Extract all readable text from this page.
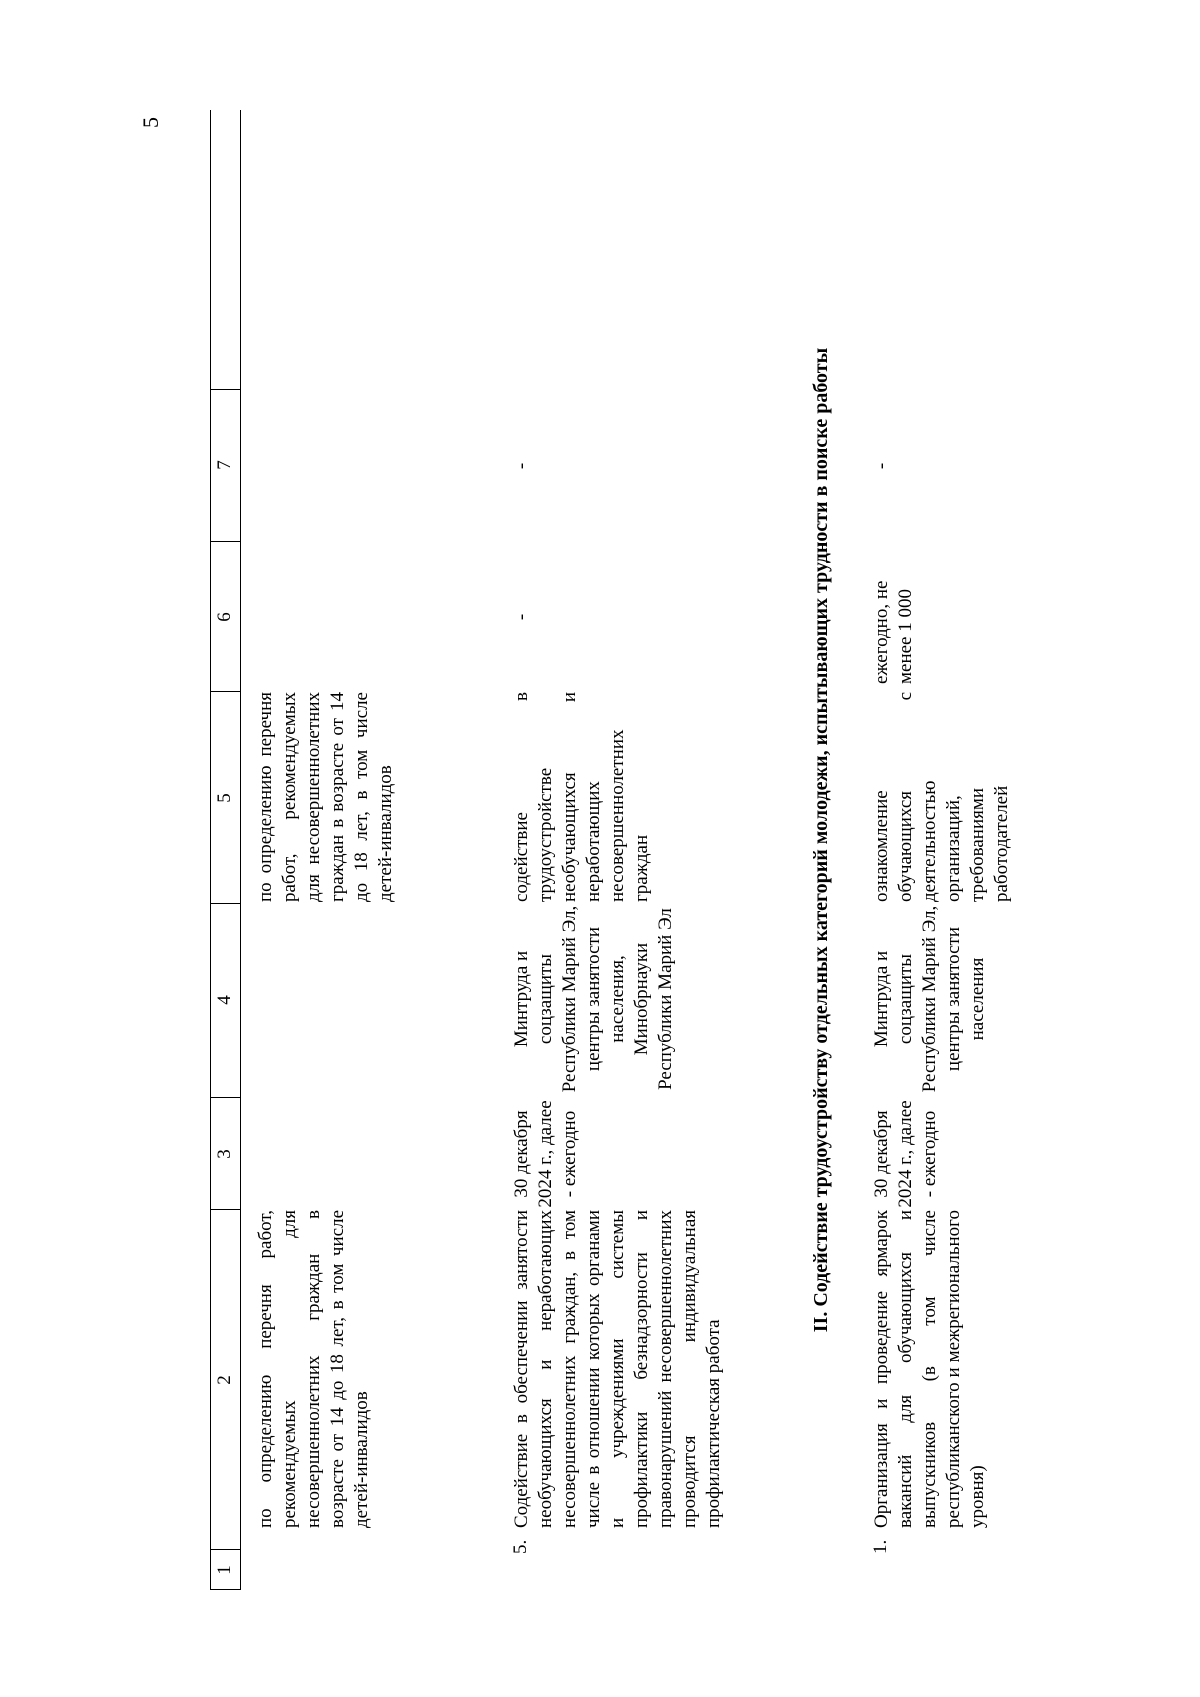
5
1
2
3
4
5
6
7
по определению перечня работ, рекомендуемых для несовершеннолетних граждан в возрасте от 14 до 18 лет, в том числе детей-инвалидов
по определению перечня работ, рекомендуемых для несовершеннолетних граждан в возрасте от 14 до 18 лет, в том числе детей-инвалидов
5.
Содействие в обеспечении занятости необучающихся и неработающих несовершеннолетних граждан, в том числе в отношении которых органами и учреждениями системы профилактики безнадзорности и правонарушений несовершеннолетних проводится индивидуальная профилактическая работа
30 декабря 2024 г., далее - ежегодно
Минтруда и соцзащиты Республики Марий Эл, центры занятости населения, Минобрнауки Республики Марий Эл
содействие в трудоустройстве необучающихся и неработающих несовершеннолетних граждан
-
-	II. Содействие трудоустройству отдельных категорий молодежи, испытывающих трудности в поиске работы
1.
Организация и проведение ярмарок вакансий для обучающихся и выпускников (в том числе республиканского и межрегионального уровня)
30 декабря 2024 г., далее - ежегодно
Минтруда и соцзащиты Республики Марий Эл, центры занятости населения
ознакомление обучающихся с деятельностью организаций, требованиями работодателей
ежегодно, не менее 1 000
-
